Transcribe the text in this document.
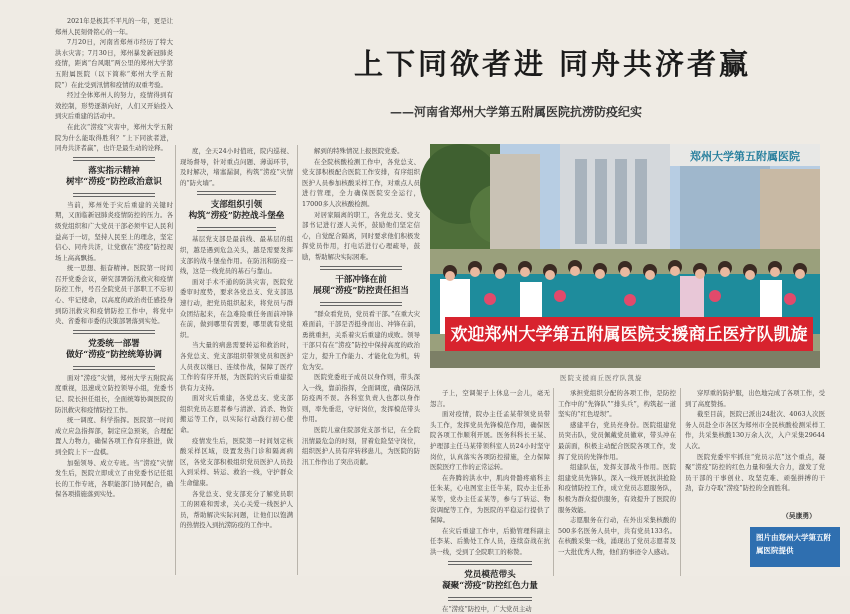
上下同欲者进 同舟共济者赢
——河南省郑州大学第五附属医院抗涝防疫纪实

2021年是极其不平凡的一年，更是让郑州人民刻骨铭心的一年。

7月20日，河南省郑州市经历了特大洪水灾害；7月30日，郑州暴发新冠肺炎疫情，距离“台风眼”两公里的郑州大学第五附属医院（以下简称“郑州大学五附院”）在此受到汛情和疫情的双重考验。

经过全体郑州人的努力，疫情得到有效控制，形势逐渐向好，人们又开始投入到灾后重建的活动中。

在此次“涝疫”灾害中，郑州大学五附院为什么能取得胜利？“上下同欲者进，同舟共济者赢”，也许是最生动的诠释。

落实指示精神
树牢“涝疫”防控政治意识

当前，郑州处于灾后重建的关键时期，又面临新冠肺炎疫情防控的压力。各级党组织和广大党员干部必须牢记人民利益高于一切，坚持人民至上的理念，坚定信心、同舟共济，让党旗在“涝疫”防控现场上高高飘扬。

统一思想、振奋精神。医院第一时间召开党委会议，研究部署防汛救灾和疫情防控工作，号召全院党员干部职工不忘初心、牢记使命，以高度的政治责任感投身到防汛救灾和疫情防控工作中，将党中央、省委和市委的决策部署落到实处。

党委统一部署
做好“涝疫”防控统筹协调

面对“涝疫”灾情，郑州大学五附院高度重视，迅速成立防控领导小组，党委书记、院长担任组长，全面统筹协调医院的防汛救灾和疫情防控工作。

统一调度、科学指挥。医院第一时间成立应急指挥部，制定应急预案，合理配置人力物力，确保各项工作有序推进，做到全院上下一盘棋。

加强领导、成立专班。当“涝疫”灾情发生后，医院立即成立了由党委书记任组长的工作专班，各职能部门协同配合，确保各项措施落到实处。

度，全天24小时值班，院内巡视、现场督导，针对重点问题、薄弱环节，及时解决，堵塞漏洞，构筑“涝疫”灾情的“防火墙”。

支部组织引领
构筑“涝疫”防控战斗堡垒

基层党支部是最前线、最基层的组织，越是遇到危急关头，越是需要发挥支部的战斗堡垒作用。在防汛和防疫一线，这是一线党员的基石与靠山。

面对手术不通的防洪灾害，医院党委审时度势，要求各党总支、党支部迅速行动，把党员组织起来，将党员与群众团结起来，在急难险重任务面前冲锋在前，做到哪里有需要，哪里就有党组织。

当大量的病患需要转运和救治时，各党总支、党支部组织带领党员和医护人员夜以继日、连续作战，保障了医疗工作的有序开展，为医院的灾后重建提供有力支持。

面对灾后重建，各党总支、党支部组织党员志愿者参与清淤、消杀、物资搬运等工作，以实际行动践行初心使命。

疫情发生后，医院第一时间划定核酸采样区域，设置发热门诊和隔离病区，各党支部积极组织党员医护人员投入到采样、转运、救治一线，守护群众生命健康。

各党总支、党支部充分了解党员职工的困难和需求，关心关爱一线医护人员，帮助解决实际问题，让他们以饱满的热情投入到抗涝防疫的工作中。

解到的特殊情况上报医院党委。

在全院核酸检测工作中，各党总支、党支部积极配合医院工作安排，有序组织医护人员参加核酸采样工作，对重点人员进行管理，全力确保医院安全运行，17000多人次核酸检测。

对居家隔离的职工，各党总支、党支部书记进行逐人关怀，鼓励他们坚定信心，自觉配合隔离，同时要求他们积极发挥党员作用，打电话进行心理疏导，鼓励，帮助解决实际困难。

干部冲锋在前
展现“涝疫”防控责任担当

“群众看党员，党员看干部。”在重大灾难面前，干部是否挺身而出、冲锋在前，勇挑重担，关系着灾后重建的成败。领导干部只有在“涝疫”防控中保持高度的政治定力，提升工作能力、才能化危为机，转危为安。

医院党委班子成员以身作则，带头深入一线，靠前指挥，全面调度，确保防汛防疫两不误。各科室负责人也都以身作则，率先垂范，守好岗位，发挥模范带头作用。

医院儿童住院部党支部书记，在全院汛情最危急的时刻，冒着危险坚守岗位，组织医护人员有序转移患儿，为医院的防汛工作作出了突出贡献。

郑州大学第五附属医院
欢迎郑州大学第五附属医院支援商丘医疗队凯旋
医院支援商丘医疗队凯旋

子上，空调架子上休息一会儿，毫无怨言。

面对疫情，院办主任孟某带领党员带头工作，发挥党员先锋模范作用，确保医院各项工作顺利开展。医务科科长王某、护理部主任马某带领科室人员24小时坚守岗位，认真落实各项防控措施，全力保障医院医疗工作的正常运转。

在奔腾的洪水中，肌肉骨骼疼痛科主任朱某，心电图室主任牛某，院办主任孙某等，党办主任孟某等，参与了转运、物资调配等工作，为医院的平稳运行提供了保障。

在灾后重建工作中，后勤管理科副主任李某、后勤处工作人员，连续奋战在抗洪一线，受到了全院职工的称赞。

党员模范带头
凝聚“涝疫”防控红色力量

在“涝疫”防控中，广大党员主动

承担党组织分配的各项工作，是防控工作中的“先锋队”“排头兵”，构筑起一道坚实的“红色堤坝”。

感建平台，党员亮身份。医院组建党员突击队，党员佩戴党员徽章，带头冲在最前面，积极主动配合医院各项工作，发挥了党员的先锋作用。

组建队伍，发挥支部战斗作用。医院组建党员先锋队，深入一线开展抗洪抢险和疫情防控工作，成立党员志愿服务队，积极为群众提供服务，有效提升了医院的服务效能。

志愿服务在行动，在外出采集核酸的500多名医务人员中，共有党员133名。在核酸采集一线，涌现出了党员志愿者及一大批优秀人物，他们的事迹令人感动。

穿厚重的防护服，出色地完成了各项工作，受到了高度赞扬。

截至目前，医院已派出24批次、4063人次医务人员赴全市各区为郑州市全民核酸检测采样工作，共采集核酸130万余人次，入户采集29644人次。

医院党委牢牢抓住“党员示范”这个重点，凝聚“涝疫”防控的红色力量和强大合力，激发了党员干部的干事创业、攻坚克难、顽强拼搏的干劲，奋力夺取“涝疫”防控的全面胜利。

（吴康勇）
图片由郑州大学第五附属医院提供
